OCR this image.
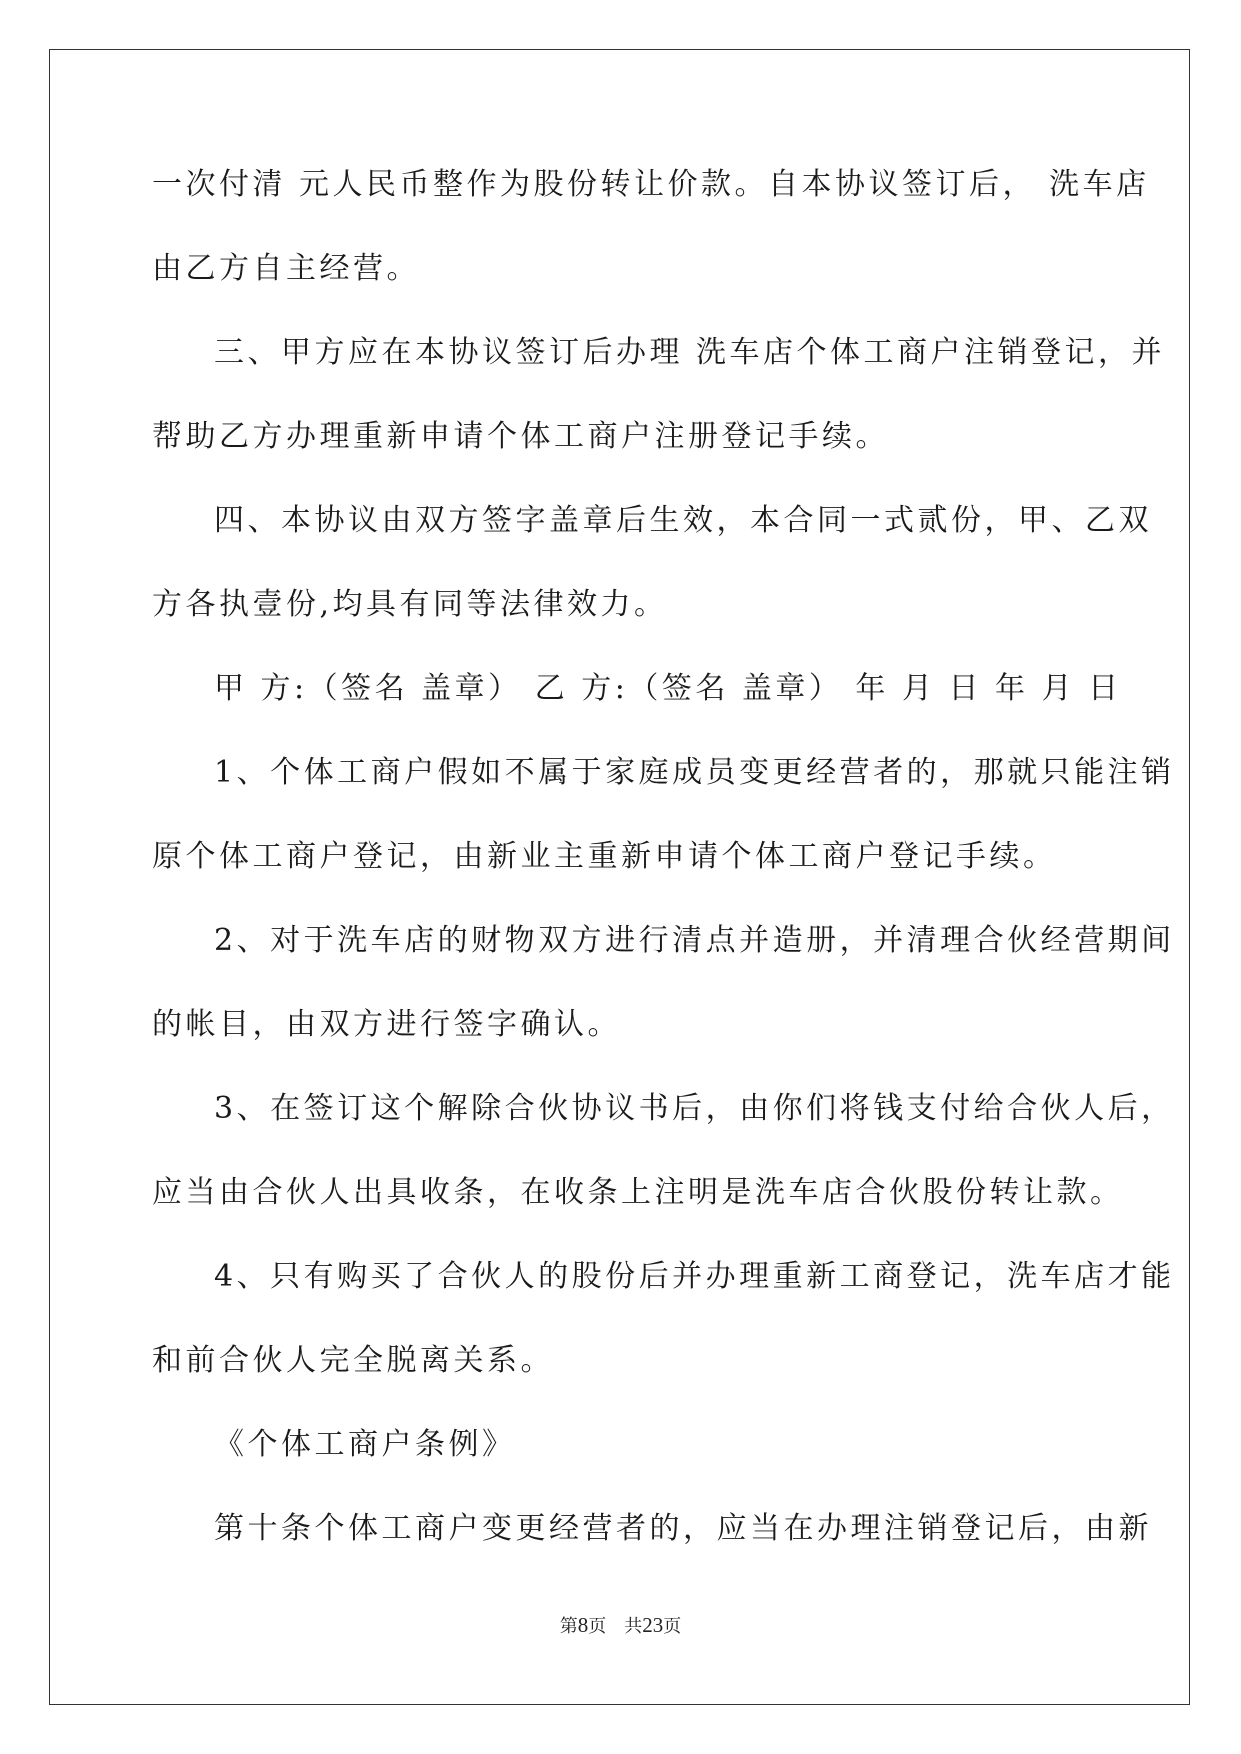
一次付清 元人民币整作为股份转让价款。自本协议签订后， 洗车店
由乙方自主经营。
三、甲方应在本协议签订后办理 洗车店个体工商户注销登记，并
帮助乙方办理重新申请个体工商户注册登记手续。
四、本协议由双方签字盖章后生效，本合同一式贰份，甲、乙双
方各执壹份,均具有同等法律效力。
甲 方:（签名 盖章） 乙 方:（签名 盖章） 年 月 日 年 月 日
1、个体工商户假如不属于家庭成员变更经营者的，那就只能注销
原个体工商户登记，由新业主重新申请个体工商户登记手续。
2、对于洗车店的财物双方进行清点并造册，并清理合伙经营期间
的帐目，由双方进行签字确认。
3、在签订这个解除合伙协议书后，由你们将钱支付给合伙人后，
应当由合伙人出具收条，在收条上注明是洗车店合伙股份转让款。
4、只有购买了合伙人的股份后并办理重新工商登记，洗车店才能
和前合伙人完全脱离关系。
《个体工商户条例》
第十条个体工商户变更经营者的，应当在办理注销登记后，由新
第8页　共23页
